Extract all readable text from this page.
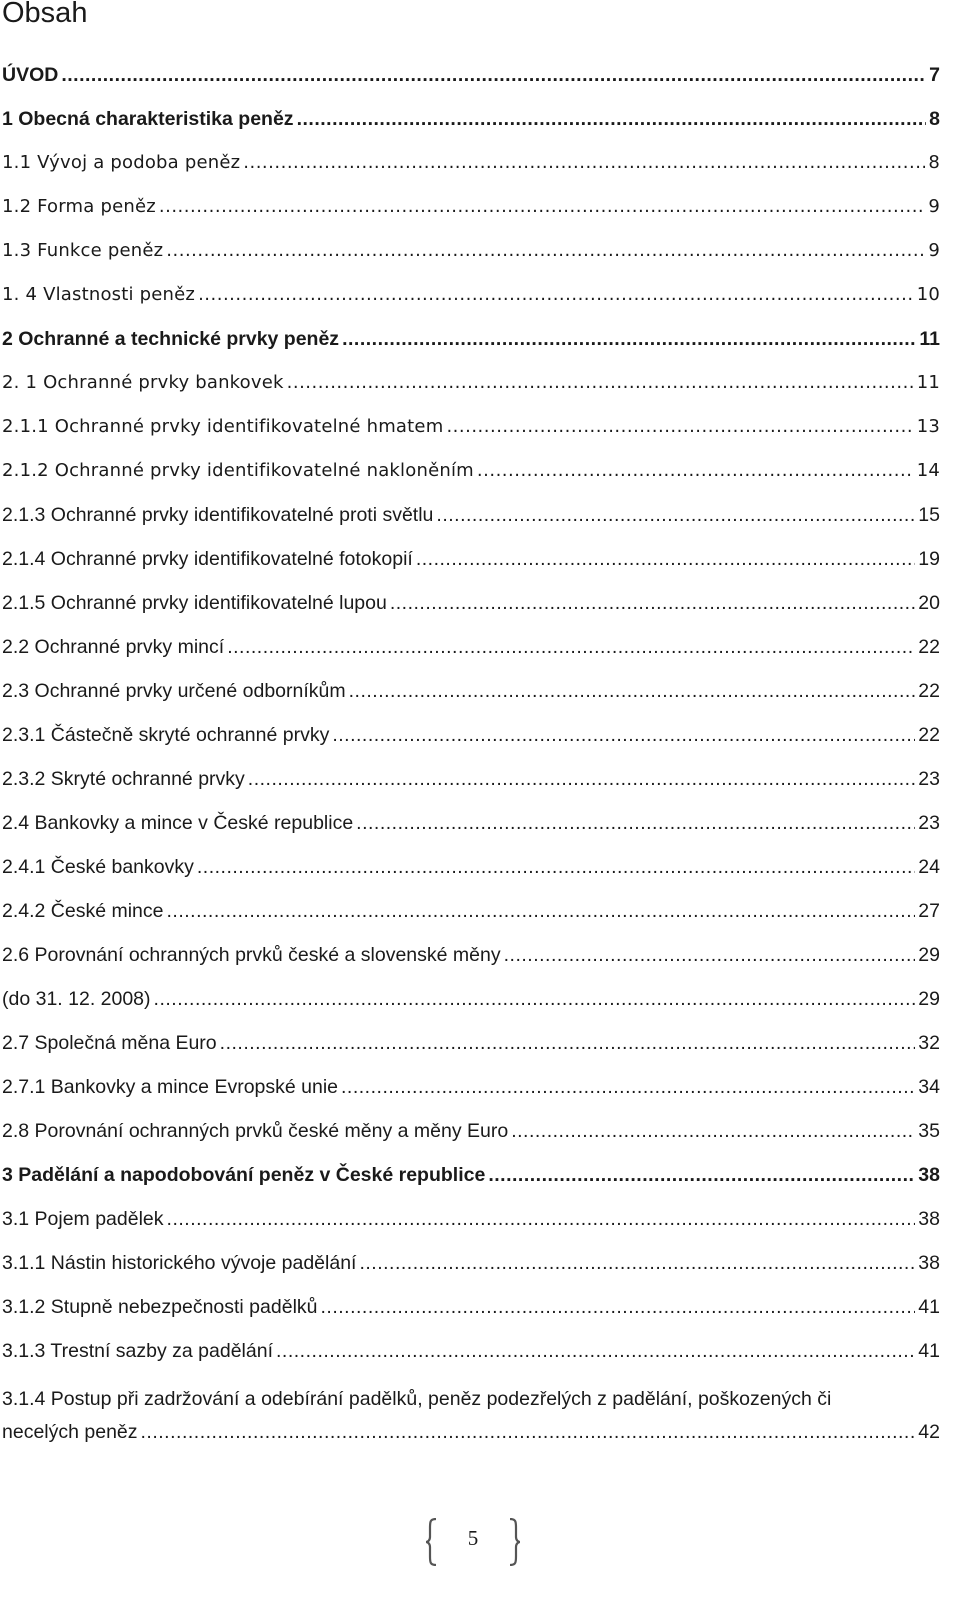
Obsah
ÚVOD .....	7
1 Obecná charakteristika peněz .....	8
1.1 Vývoj a podoba peněz .....	8
1.2 Forma peněz .....	9
1.3 Funkce peněz .....	9
1. 4 Vlastnosti peněz .....	10
2 Ochranné a technické prvky peněz .....	11
2. 1 Ochranné prvky bankovek .....	11
2.1.1 Ochranné prvky identifikovatelné hmatem .....	13
2.1.2 Ochranné prvky identifikovatelné nakloněním .....	14
2.1.3 Ochranné prvky identifikovatelné proti světlu .....	15
2.1.4 Ochranné prvky identifikovatelné fotokopií .....	19
2.1.5 Ochranné prvky identifikovatelné lupou .....	20
2.2 Ochranné prvky mincí .....	22
2.3 Ochranné prvky určené odborníkům .....	22
2.3.1 Částečně skryté ochranné prvky .....	22
2.3.2 Skryté ochranné prvky .....	23
2.4 Bankovky a mince v České republice .....	23
2.4.1 České bankovky .....	24
2.4.2 České mince .....	27
2.6 Porovnání ochranných prvků české a slovenské měny .....	29
(do 31. 12. 2008) .....	29
2.7 Společná měna Euro .....	32
2.7.1 Bankovky a mince Evropské unie .....	34
2.8 Porovnání ochranných prvků české měny a měny Euro .....	35
3 Padělání a napodobování peněz v České republice .....	38
3.1 Pojem padělek .....	38
3.1.1 Nástin historického vývoje padělání .....	38
3.1.2 Stupně nebezpečnosti padělků .....	41
3.1.3 Trestní sazby za padělání .....	41
3.1.4 Postup při zadržování a odebírání padělků, peněz podezřelých z padělání, poškozených či
necelých peněz .....	42
5
